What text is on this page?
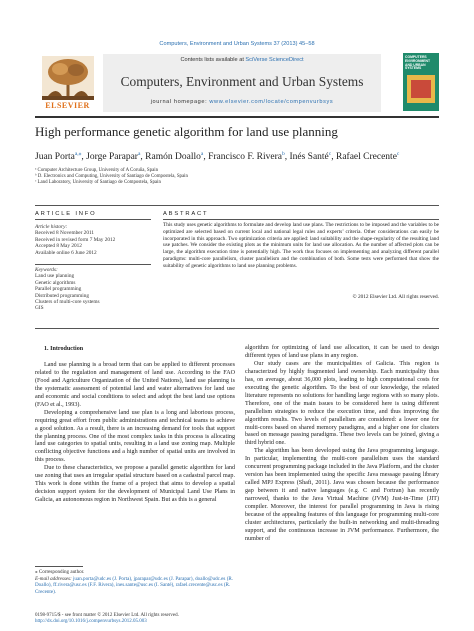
Computers, Environment and Urban Systems 37 (2013) 45–58
ELSEVIER
Contents lists available at SciVerse ScienceDirect
Computers, Environment and Urban Systems
journal homepage: www.elsevier.com/locate/compenvurbsys
COMPUTERS ENVIRONMENT AND URBAN SYSTEMS
High performance genetic algorithm for land use planning
Juan Porta$^{a,⁎}$, Jorge Parapar$^a$, Ramón Doallo$^a$, Francisco F. Rivera$^b$, Inés Santé$^c$, Rafael Crecente$^c$
ᵃ Computer Architecture Group, University of A Coruña, Spain
ᵇ D. Electronics and Computing, University of Santiago de Compostela, Spain
ᶜ Land Laboratory, University of Santiago de Compostela, Spain
ARTICLE INFO	ABSTRACT
Article history:
Received 8 November 2011
Received in revised form 7 May 2012
Accepted 8 May 2012
Available online 6 June 2012
Keywords:
Land use planning
Genetic algorithms
Parallel programming
Distributed programming
Clusters of multi-core systems
GIS
This study uses genetic algorithms to formulate and develop land use plans. The restrictions to be imposed and the variables to be optimized are selected based on current local and national legal rules and experts’ criteria. Other considerations can easily be incorporated in this approach. Two optimization criteria are applied: land suitability and the shape-regularity of the resulting land use patches. We consider the existing plots as the minimum units for land use allocation. As the number of affected plots can be large, the algorithm execution time is potentially high. The work thus focuses on implementing and analyzing different parallel paradigms: multi-core parallelism, cluster parallelism and the combination of both. Some tests were performed that show the suitability of genetic algorithms to land use planning problems.
© 2012 Elsevier Ltd. All rights reserved.

1. Introduction

Land use planning is a broad term that can be applied to different processes related to the regulation and management of land use. According to the FAO (Food and Agriculture Organization of the United Nations), land use planning is the systematic assessment of potential land and water alternatives for land use and economic and social conditions to select and adopt the best land use options (FAO et al., 1993).

Developing a comprehensive land use plan is a long and laborious process, requiring great effort from public administrations and technical teams to achieve a good solution. As a result, there is an increasing demand for tools that support the planning process. One of the most complex tasks in this process is allocating land use categories to spatial units, resulting in a land use zoning map. Multiple conflicting objective functions and a high number of spatial units are involved in this process.

Due to these characteristics, we propose a parallel genetic algorithm for land use zoning that uses an irregular spatial structure based on a cadastral parcel map. This work is done within the frame of a project that aims to develop a spatial decision support system for the development of Municipal Land Use Plans in Galicia, an autonomous region in Northwest Spain. But as this is a general

algorithm for optimizing of land use allocation, it can be used to design different types of land use plans in any region.

Our study cases are the municipalities of Galicia. This region is characterized by highly fragmented land ownership. Each municipality thus has, on average, about 36,000 plots, leading to high computational costs for executing the genetic algorithm. To the best of our knowledge, the related literature represents no solutions for handling large regions with so many plots. Therefore, one of the main issues to be considered here is using different parallelism strategies to reduce the execution time, and thus improving the algorithm results. Two levels of parallelism are considered: a lower one for multi-cores based on shared memory paradigms, and a higher one for clusters based on message passing paradigms. These two levels can be joined, giving a third hybrid one.

The algorithm has been developed using the Java programming language. In particular, implementing the multi-core parallelism uses the standard concurrent programming package included in the Java Platform, and the cluster version has been implemented using the specific Java message passing library called MPJ Express (Shafi, 2011). Java was chosen because the performance gap between it and native languages (e.g. C and Fortran) has recently narrowed, thanks to the Java Virtual Machine (JVM) Just-in-Time (JIT) compiler. Moreover, the interest for parallel programming in Java is rising because of the appealing features of this language for programming multi-core cluster architectures, particularly the built-in networking and multi-threading support, and the continuous increase in JVM performance. Furthermore, the number of

⁎ Corresponding author.
E-mail addresses: juan.porta@udc.es (J. Porta), jparapar@udc.es (J. Parapar), doallo@udc.es (R. Doallo), ff.rivera@usc.es (F.F. Rivera), ines.sante@usc.es (I. Santé), rafael.crecente@usc.es (R. Crecente).
0198-9715/$ - see front matter © 2012 Elsevier Ltd. All rights reserved.
http://dx.doi.org/10.1016/j.compenvurbsys.2012.05.003
